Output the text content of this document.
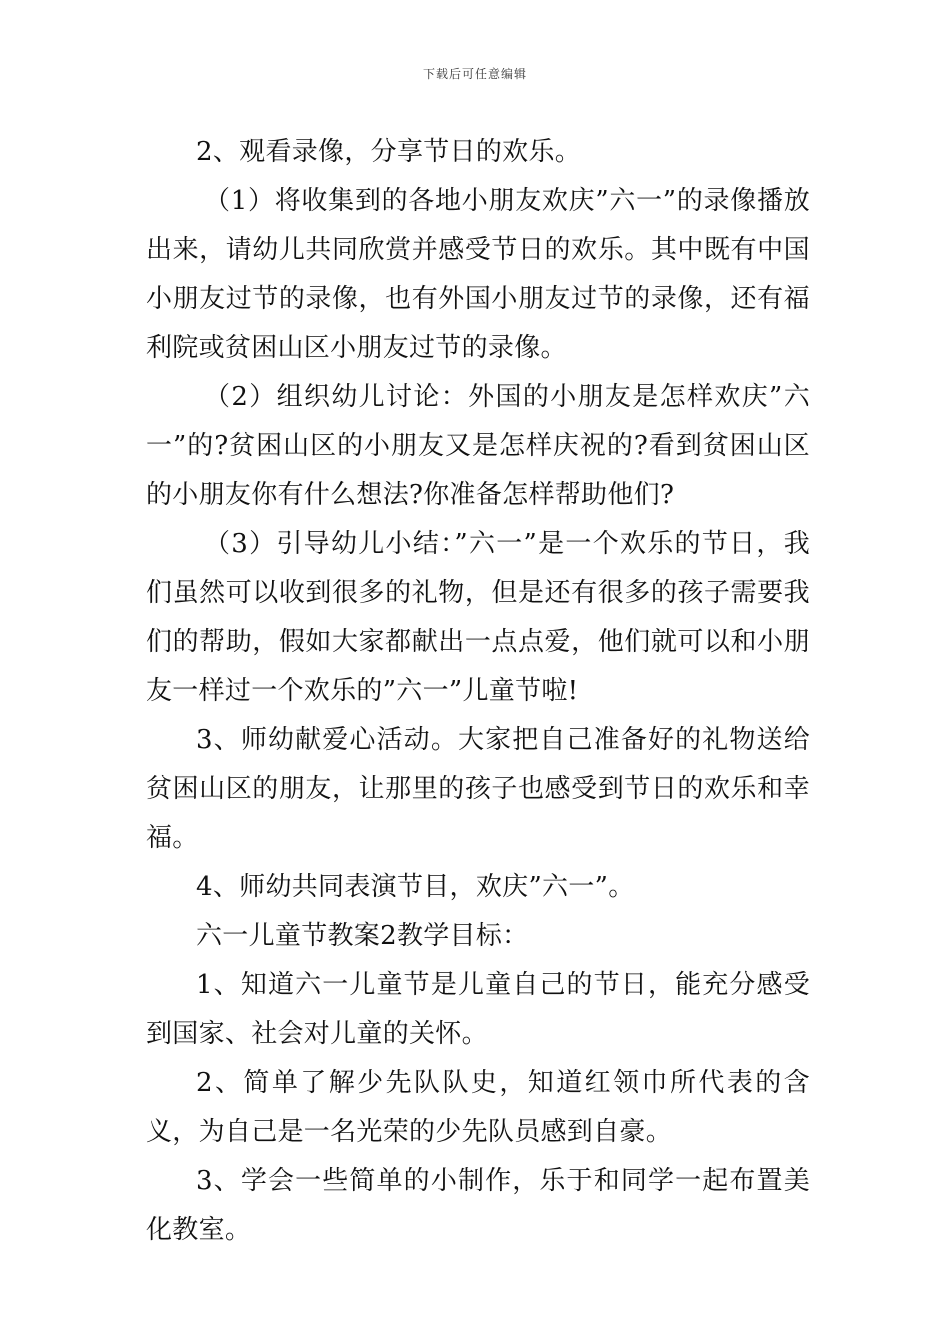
下载后可任意编辑

2、观看录像，分享节日的欢乐。

（1）将收集到的各地小朋友欢庆”六一”的录像播放出来，请幼儿共同欣赏并感受节日的欢乐。其中既有中国小朋友过节的录像，也有外国小朋友过节的录像，还有福利院或贫困山区小朋友过节的录像。

（2）组织幼儿讨论：外国的小朋友是怎样欢庆”六一”的?贫困山区的小朋友又是怎样庆祝的?看到贫困山区的小朋友你有什么想法?你准备怎样帮助他们?

（3）引导幼儿小结：”六一”是一个欢乐的节日，我们虽然可以收到很多的礼物，但是还有很多的孩子需要我们的帮助，假如大家都献出一点点爱，他们就可以和小朋友一样过一个欢乐的”六一”儿童节啦!

3、师幼献爱心活动。大家把自己准备好的礼物送给贫困山区的朋友，让那里的孩子也感受到节日的欢乐和幸福。

4、师幼共同表演节目，欢庆”六一”。

六一儿童节教案2教学目标：

1、知道六一儿童节是儿童自己的节日，能充分感受到国家、社会对儿童的关怀。

2、简单了解少先队队史，知道红领巾所代表的含义，为自己是一名光荣的少先队员感到自豪。

3、学会一些简单的小制作，乐于和同学一起布置美化教室。
